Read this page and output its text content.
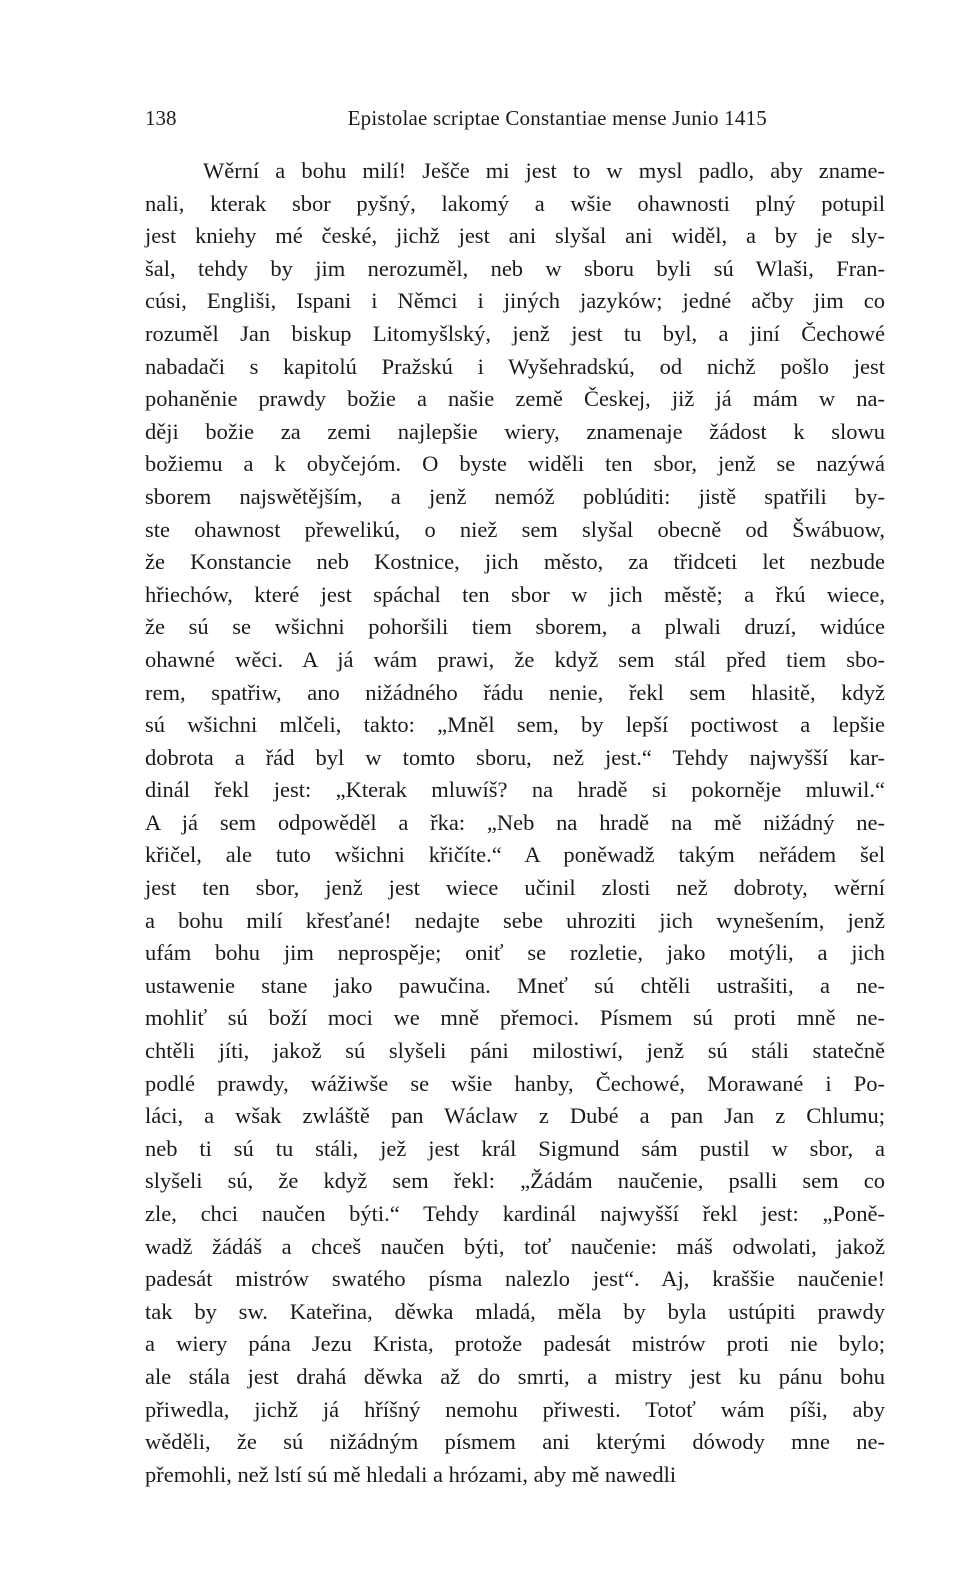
138	Epistolae scriptae Constantiae mense Junio 1415
Wěrní a bohu milí! Ješče mi jest to w mysl padlo, aby zname-
nali, kterak sbor pyšný, lakomý a wšie ohawnosti plný potupil
jest kniehy mé české, jichž jest ani slyšal ani widěl, a by je sly-
šal, tehdy by jim nerozuměl, neb w sboru byli sú Wlaši, Fran-
cúsi, Engliši, Ispani i Němci i jiných jazyków; jedné ačby jim co
rozuměl Jan biskup Litomyšlský, jenž jest tu byl, a jiní Čechowé
nabadači s kapitolú Pražskú i Wyšehradskú, od nichž pošlo jest
pohaněnie prawdy božie a našie země Českej, již já mám w na-
ději božie za zemi najlepšie wiery, znamenaje žádost k slowu
božiemu a k obyčejóm. O byste widěli ten sbor, jenž se nazýwá
sborem najswětějším, a jenž nemóž poblúditi: jistě spatřili by-
ste ohawnost přewelikú, o niež sem slyšal obecně od Šwábuow,
že Konstancie neb Kostnice, jich město, za třidceti let nezbude
hřiechów, které jest spáchal ten sbor w jich městě; a řkú wiece,
že sú se wšichni pohoršili tiem sborem, a plwali druzí, widúce
ohawné wěci. A já wám prawi, že když sem stál před tiem sbo-
rem, spatřiw, ano nižádného řádu nenie, řekl sem hlasitě, když
sú wšichni mlčeli, takto: „Mněl sem, by lepší poctiwost a lepšie
dobrota a řád byl w tomto sboru, než jest.“ Tehdy najwyšší kar-
dinál řekl jest: „Kterak mluwíš? na hradě si pokorněje mluwil.“
A já sem odpowěděl a řka: „Neb na hradě na mě nižádný ne-
křičel, ale tuto wšichni křičíte.“ A poněwadž takým neřádem šel
jest ten sbor, jenž jest wiece učinil zlosti než dobroty, wěrní
a bohu milí křesťané! nedajte sebe uhroziti jich wynešením, jenž
ufám bohu jim neprospěje; oniť se rozletie, jako motýli, a jich
ustawenie stane jako pawučina. Mneť sú chtěli ustrašiti, a ne-
mohliť sú boží moci we mně přemoci. Písmem sú proti mně ne-
chtěli jíti, jakož sú slyšeli páni milostiwí, jenž sú stáli statečně
podlé prawdy, wážiwše se wšie hanby, Čechowé, Morawané i Po-
láci, a wšak zwláště pan Wáclaw z Dubé a pan Jan z Chlumu;
neb ti sú tu stáli, jež jest král Sigmund sám pustil w sbor, a
slyšeli sú, že když sem řekl: „Žádám naučenie, psalli sem co
zle, chci naučen býti.“ Tehdy kardinál najwyšší řekl jest: „Poně-
wadž žádáš a chceš naučen býti, toť naučenie: máš odwolati, jakož
padesát mistrów swatého písma nalezlo jest“. Aj, kraššie naučenie!
tak by sw. Kateřina, děwka mladá, měla by byla ustúpiti prawdy
a wiery pána Jezu Krista, protože padesát mistrów proti nie bylo;
ale stála jest drahá děwka až do smrti, a mistry jest ku pánu bohu
přiwedla, jichž já hříšný nemohu přiwesti. Totoť wám píši, aby
wěděli, že sú nižádným písmem ani kterými dówody mne ne-
přemohli, než lstí sú mě hledali a hrózami, aby mě nawedli
